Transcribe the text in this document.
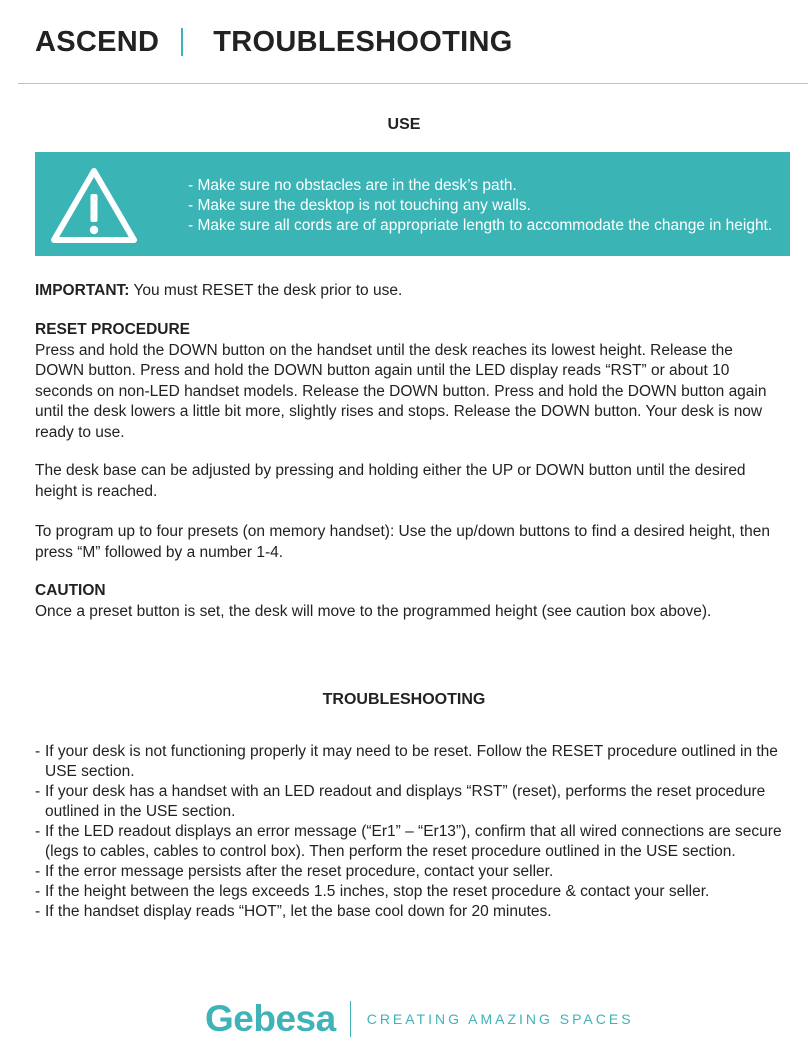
ASCEND TROUBLESHOOTING
USE
- Make sure no obstacles are in the desk’s path.
- Make sure the desktop is not touching any walls.
- Make sure all cords are of appropriate length to accommodate the change in height.

IMPORTANT: You must RESET the desk prior to use.

RESET PROCEDURE

Press and hold the DOWN button on the handset until the desk reaches its lowest height. Release the DOWN button. Press and hold the DOWN button again until the LED display reads “RST” or about 10 seconds on non-LED handset models. Release the DOWN button. Press and hold the DOWN button again until the desk lowers a little bit more, slightly rises and stops. Release the DOWN button. Your desk is now ready to use.

The desk base can be adjusted by pressing and holding either the UP or DOWN button until the desired height is reached.

To program up to four presets (on memory handset): Use the up/down buttons to find a desired height, then press “M” followed by a number 1-4.

CAUTION

Once a preset button is set, the desk will move to the programmed height (see caution box above).

TROUBLESHOOTING
- If your desk is not functioning properly it may need to be reset. Follow the RESET procedure outlined in the USE section.
- If your desk has a handset with an LED readout and displays “RST” (reset), performs the reset procedure outlined in the USE section.
- If the LED readout displays an error message (“Er1” – “Er13”), confirm that all wired connections are secure (legs to cables, cables to control box). Then perform the reset procedure outlined in the USE section.
- If the error message persists after the reset procedure, contact your seller.
- If the height between the legs exceeds 1.5 inches, stop the reset procedure & contact your seller.
- If the handset display reads “HOT”, let the base cool down for 20 minutes.
Gebesa CREATING AMAZING SPACES
